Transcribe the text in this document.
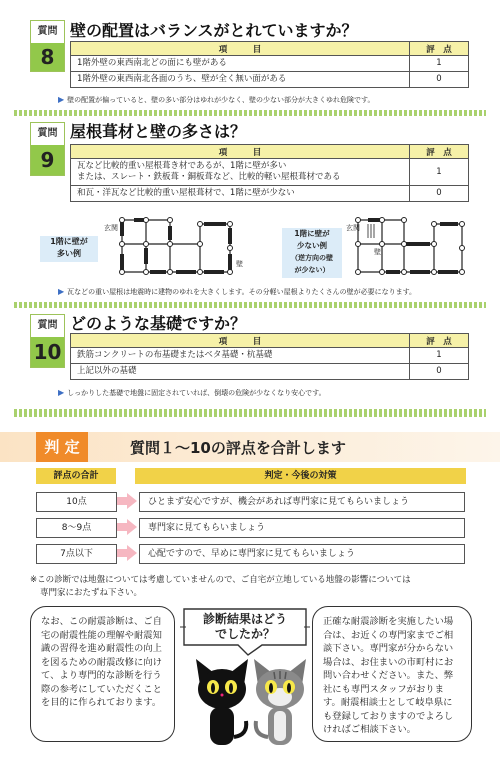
質問
8
壁の配置はバランスがとれていますか？
項　　　目	評　点
1階外壁の東西南北どの面にも壁がある	1
1階外壁の東西南北各面のうち、壁が全く無い面がある	0
▶ 壁の配置が偏っていると、壁の多い部分はゆれが少なく、壁の少ない部分が大きくゆれ危険です。
質問
9
屋根葺材と壁の多さは？
項　　　目	評　点
瓦など比較的重い屋根葺き材であるが、1階に壁が多い
または、スレート・鉄板葺・銅板葺など、比較的軽い屋根葺材である	1
和瓦・洋瓦など比較的重い屋根葺材で、1階に壁が少ない	0
1階に壁が
多い例
玄関
壁
1階に壁が
少ない例
（逆方向の壁
が少ない）
玄関
壁
▶ 瓦などの重い屋根は地震時に建物のゆれを大きくします。その分軽い屋根よりたくさんの壁が必要になります。
質問
10
どのような基礎ですか？
項　　　目	評　点
鉄筋コンクリートの布基礎またはベタ基礎・杭基礎	1
上記以外の基礎	0
▶ しっかりした基礎で地盤に固定されていれば、倒壊の危険が少なくなり安心です。
判 定	質問１～10の評点を合計します
評点の合計	判定・今後の対策
10点	ひとまず安心ですが、機会があれば専門家に見てもらいましょう
8～9点	専門家に見てもらいましょう
7点以下	心配ですので、早めに専門家に見てもらいましょう
※この診断では地盤については考慮していませんので、ご自宅が立地している地盤の影響については
専門家におたずね下さい。
なお、この耐震診断は、ご自宅の耐震性能の理解や耐震知識の習得を進め耐震性の向上を図るための耐震改修に向けて、より専門的な診断を行う際の参考にしていただくことを目的に作られております。
正確な耐震診断を実施したい場合は、お近くの専門家までご相談下さい。専門家が分からない場合は、お住まいの市町村にお問い合わせください。また、弊社にも専門スタッフがおります。耐震相談士として岐阜県にも登録しておりますのでよろしければご相談下さい。
診断結果はどう
でしたか？
